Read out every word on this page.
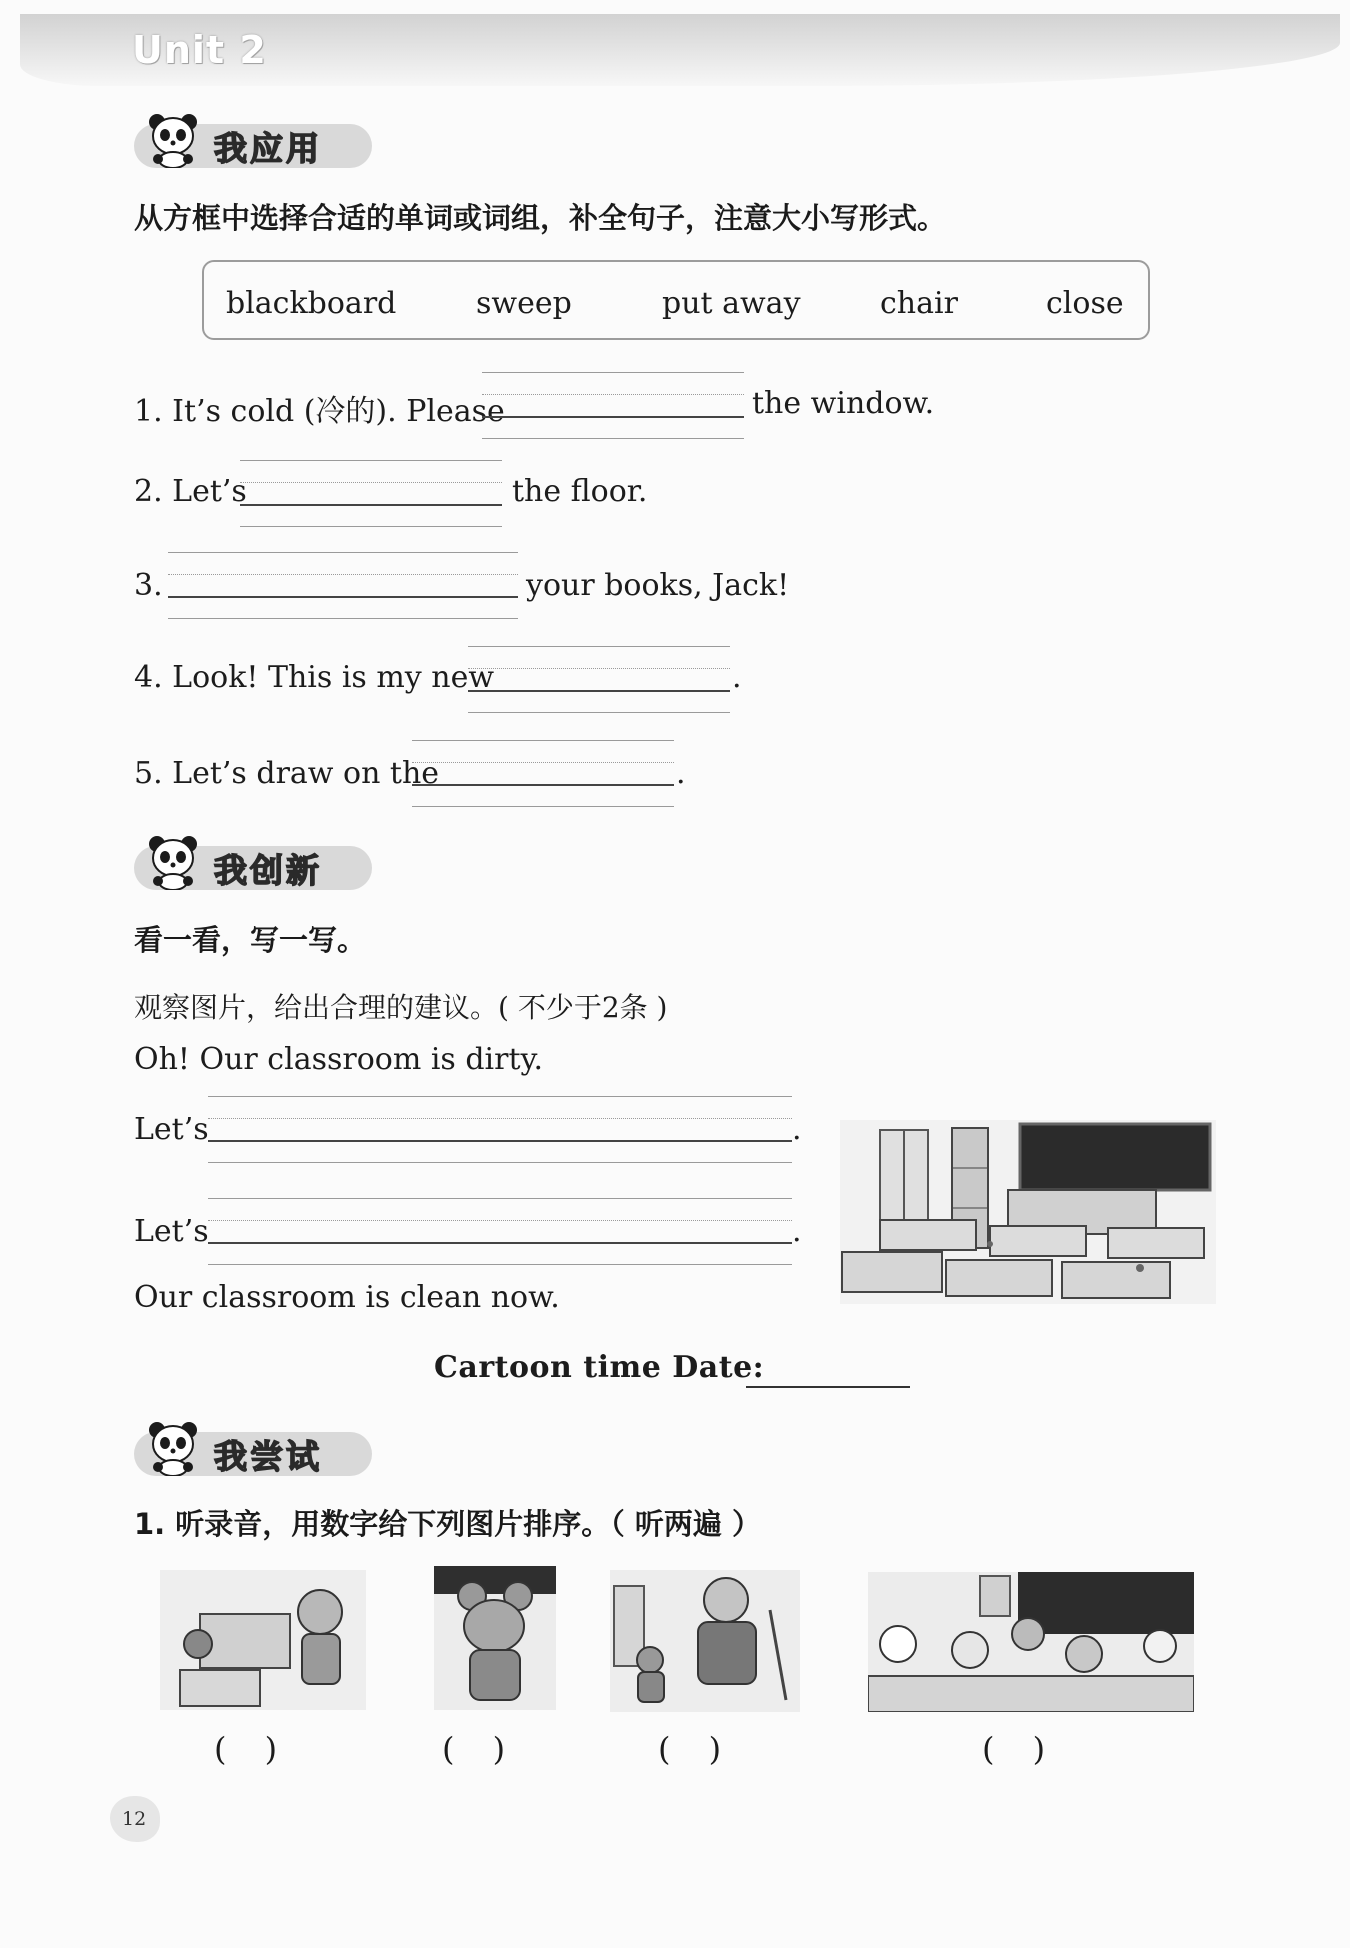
Unit 2
我应用
从方框中选择合适的单词或词组，补全句子，注意大小写形式。
blackboard	sweep	put away	chair	close
1. It’s cold (冷的). Please	the window.
2. Let’s	the floor.
3.	your books, Jack!
4. Look! This is my new	.
5. Let’s draw on the	.
我创新
看一看，写一写。
观察图片，给出合理的建议。( 不少于2条 )
Oh! Our classroom is dirty.
Let’s	.
Let’s	.
Our classroom is clean now.
Cartoon time Date:
我尝试
1. 听录音，用数字给下列图片排序。（ 听两遍 ）
( )	( )	( )	( )
12
